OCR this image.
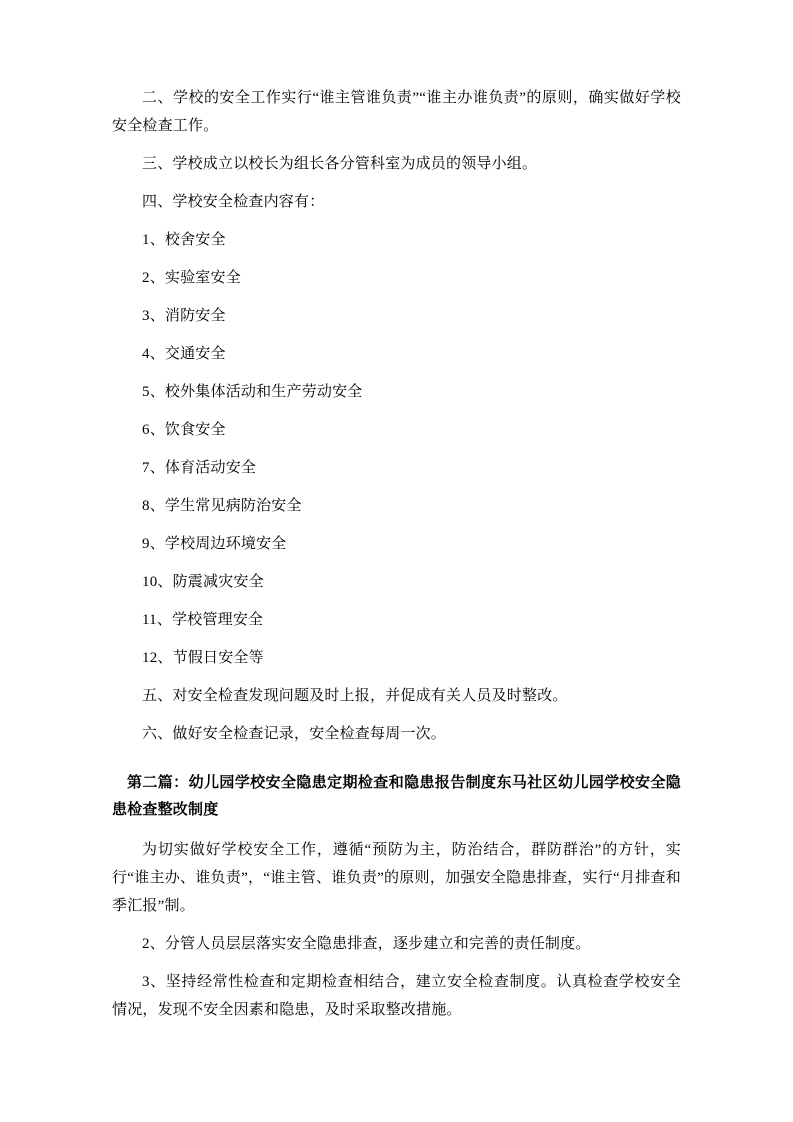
二、学校的安全工作实行“谁主管谁负责”“谁主办谁负责”的原则，确实做好学校安全检查工作。

三、学校成立以校长为组长各分管科室为成员的领导小组。

四、学校安全检查内容有：

1、校舍安全

2、实验室安全

3、消防安全

4、交通安全

5、校外集体活动和生产劳动安全

6、饮食安全

7、体育活动安全

8、学生常见病防治安全

9、学校周边环境安全

10、防震减灾安全

11、学校管理安全

12、节假日安全等

五、对安全检查发现问题及时上报，并促成有关人员及时整改。

六、做好安全检查记录，安全检查每周一次。

第二篇：幼儿园学校安全隐患定期检查和隐患报告制度东马社区幼儿园学校安全隐患检查整改制度

为切实做好学校安全工作，遵循“预防为主，防治结合，群防群治”的方针，实行“谁主办、谁负责”，“谁主管、谁负责”的原则，加强安全隐患排查，实行“月排查和季汇报”制。

2、分管人员层层落实安全隐患排查，逐步建立和完善的责任制度。

3、坚持经常性检查和定期检查相结合，建立安全检查制度。认真检查学校安全情况，发现不安全因素和隐患，及时采取整改措施。
